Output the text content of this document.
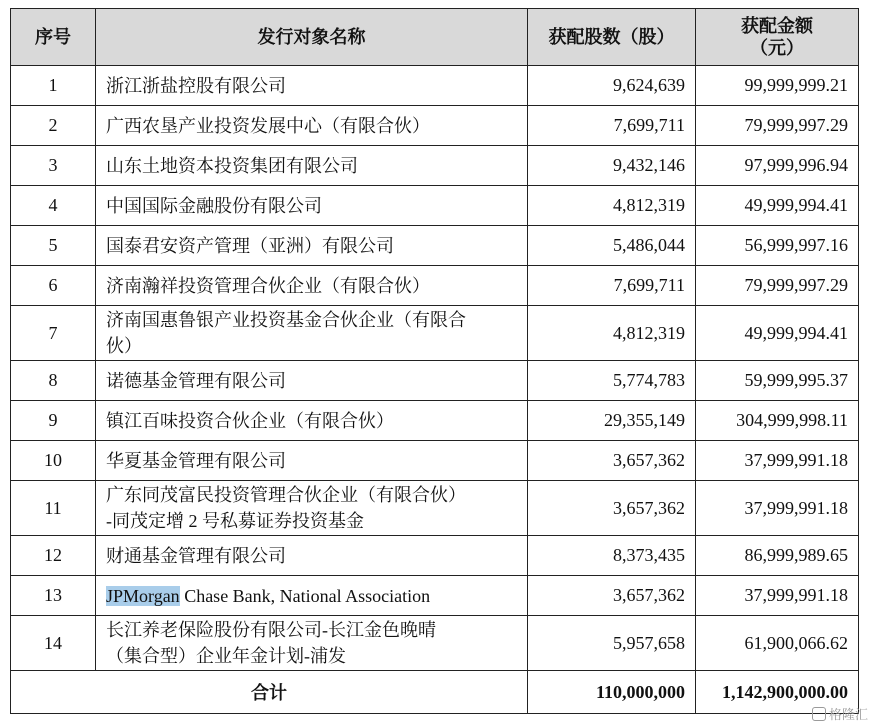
序号	发行对象名称	获配股数（股）	获配金额
（元）
1	浙江浙盐控股有限公司	9,624,639	99,999,999.21
2	广西农垦产业投资发展中心（有限合伙）	7,699,711	79,999,997.29
3	山东土地资本投资集团有限公司	9,432,146	97,999,996.94
4	中国国际金融股份有限公司	4,812,319	49,999,994.41
5	国泰君安资产管理（亚洲）有限公司	5,486,044	56,999,997.16
6	济南瀚祥投资管理合伙企业（有限合伙）	7,699,711	79,999,997.29
7	济南国惠鲁银产业投资基金合伙企业（有限合
伙）	4,812,319	49,999,994.41
8	诺德基金管理有限公司	5,774,783	59,999,995.37
9	镇江百味投资合伙企业（有限合伙）	29,355,149	304,999,998.11
10	华夏基金管理有限公司	3,657,362	37,999,991.18
11	广东同茂富民投资管理合伙企业（有限合伙）
-同茂定增 2 号私募证券投资基金	3,657,362	37,999,991.18
12	财通基金管理有限公司	8,373,435	86,999,989.65
13	JPMorgan Chase Bank, National Association	3,657,362	37,999,991.18
14	长江养老保险股份有限公司-长江金色晚晴
（集合型）企业年金计划-浦发	5,957,658	61,900,066.62
合计		110,000,000	1,142,900,000.00
格隆汇
